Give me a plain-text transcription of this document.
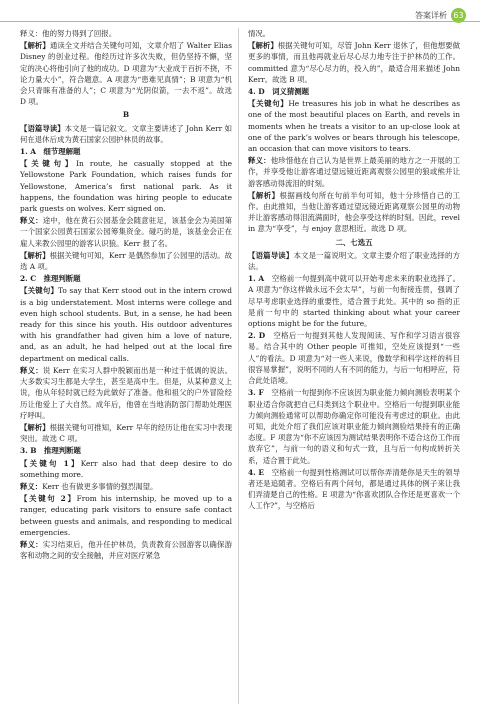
答案详析 63
释义：他的努力得到了回报。
【解析】通读全文并结合关键句可知，文章介绍了 Walter Elias Disney 的创业过程。他经历过许多次失败，但仍坚持不懈，坚定的决心将他引向了他的成功。D 项意为“大业成于百折不挠，不论力量大小”，符合题意。A 项意为“患难见真情”；B 项意为“机会只青睐有准备的人”；C 项意为“光阴似箭，一去不返”。故选 D 项。
B
【语篇导读】本文是一篇记叙文。文章主要讲述了 John Kerr 如何在退休后成为黄石国家公园护林员的故事。
1. A　细节理解题
【关键句】In route, he casually stopped at the Yellowstone Park Foundation, which raises funds for Yellowstone, America’s first national park. As it happens, the foundation was hiring people to educate park guests on wolves. Kerr signed on.
释义：途中，他在黄石公园基金会随意驻足，该基金会为美国第一个国家公园黄石国家公园筹集资金。碰巧的是，该基金会正在雇人来教公园里的游客认识狼。Kerr 报了名。
【解析】根据关键句可知，Kerr 是偶然参加了公园里的活动。故选 A 项。
2. C　推理判断题
【关键句】To say that Kerr stood out in the intern crowd is a big understatement. Most interns were college and even high school students. But, in a sense, he had been ready for this since his youth. His outdoor adventures with his grandfather had given him a love of nature, and, as an adult, he had helped out at the local fire department on medical calls.
释义：说 Kerr 在实习人群中脱颖而出是一种过于低调的说法。大多数实习生都是大学生，甚至是高中生。但是，从某种意义上说，他从年轻时就已经为此做好了准备。他和祖父的户外冒险经历让他爱上了大自然。成年后，他曾在当地消防部门帮助处理医疗呼叫。
【解析】根据关键句可推知，Kerr 早年的经历让他在实习中表现突出。故选 C 项。
3. B　推理判断题
【关键句 1】Kerr also had that deep desire to do something more.
释义：Kerr 也有做更多事情的强烈渴望。
【关键句 2】From his internship, he moved up to a ranger, educating park visitors to ensure safe contact between guests and animals, and responding to medical emergencies.
释义：实习结束后，他升任护林员，负责教育公园游客以确保游客和动物之间的安全接触，并应对医疗紧急
情况。
【解析】根据关键句可知，尽管 John Kerr 退休了，但他想要做更多的事情，而且他再就业后尽心尽力地专注于护林员的工作。committed 意为“尽心尽力的，投入的”，最适合用来描述 John Kerr。故选 B 项。
4. D　词义猜测题
【关键句】He treasures his job in what he describes as one of the most beautiful places on Earth, and revels in moments when he treats a visitor to an up-close look at one of the park’s wolves or bears through his telescope, an occasion that can move visitors to tears.
释义：他珍惜他在自己认为是世界上最美丽的地方之一开展的工作，并享受他让游客通过望远镜近距离观察公园里的狼或熊并让游客感动得流泪的时刻。
【解析】根据画线句所在句前半句可知，他十分珍惜自己的工作。由此推知，当他让游客通过望远镜近距离观察公园里的动物并让游客感动得泪流满面时，他会享受这样的时刻。因此，revel in 意为“享受”，与 enjoy 意思相近。故选 D 项。
二、七选五
【语篇导读】本文是一篇说明文。文章主要介绍了职业选择的方法。
1. A　空格前一句提到高中就可以开始考虑未来的职业选择了。A 项意为“你这样做永远不会太早”，与前一句衔接连贯，强调了尽早考虑职业选择的重要性，适合置于此处。其中的 so 指的正是前一句中的 started thinking about what your career options might be for the future。
2. D　空格后一句提到其他人发现阅读、写作和学习语言很容易。结合其中的 Other people 可推知，空处应该提到“一些人”的看法。D 项意为“对一些人来说，像数学和科学这样的科目很容易掌握”，说明不同的人有不同的能力，与后一句相呼应，符合此处语境。
3. F　空格前一句提到你不应该因为职业能力倾向测验表明某个职业适合你就把自己归类到这个职业中。空格后一句提到职业能力倾向测验通常可以帮助你确定你可能没有考虑过的职业。由此可知，此处介绍了我们应该对职业能力倾向测验结果持有的正确态度。F 项意为“你不应该因为测试结果表明你不适合这份工作而放弃它”，与前一句的语义和句式一致，且与后一句构成转折关系，适合置于此处。
4. E　空格前一句提到性格测试可以帮你弄清楚你是天生的领导者还是追随者。空格后有两个问句，都是通过具体的例子来让我们弄清楚自己的性格。E 项意为“你喜欢团队合作还是更喜欢一个人工作?”，与空格后
